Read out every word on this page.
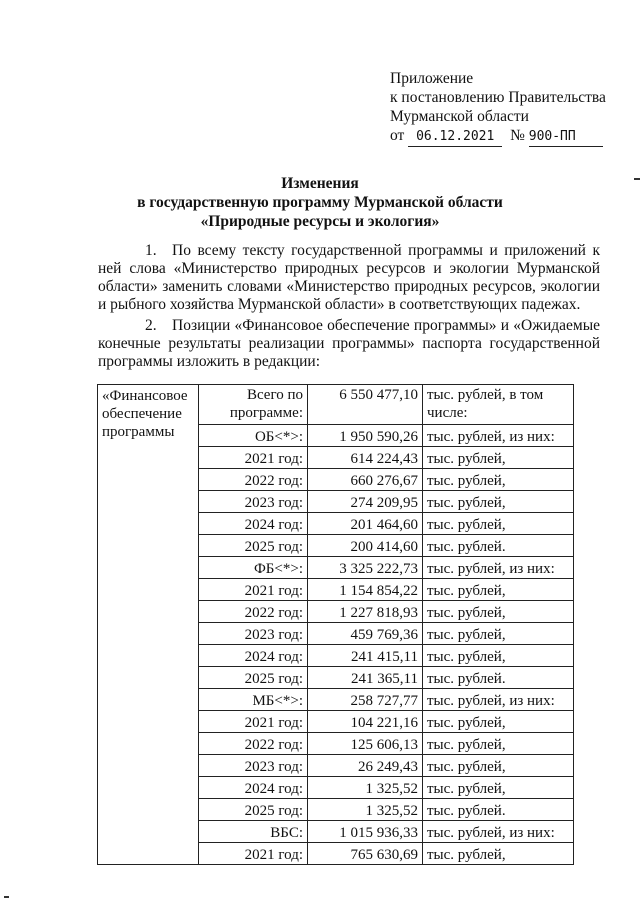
Приложение
к постановлению Правительства
Мурманской области
от 06.12.2021 № 900-ПП
Изменения
в государственную программу Мурманской области
«Природные ресурсы и экология»

1. По всему тексту государственной программы и приложений к ней слова «Министерство природных ресурсов и экологии Мурманской области» заменить словами «Министерство природных ресурсов, экологии и рыбного хозяйства Мурманской области» в соответствующих падежах.

2. Позиции «Финансовое обеспечение программы» и «Ожидаемые конечные результаты реализации программы» паспорта государственной программы изложить в редакции:

«Финансовое обеспечение программы	Всего по программе:	6 550 477,10	тыс. рублей, в том числе:
	ОБ<*>:	1 950 590,26	тыс. рублей, из них:
	2021 год:	614 224,43	тыс. рублей,
	2022 год:	660 276,67	тыс. рублей,
	2023 год:	274 209,95	тыс. рублей,
	2024 год:	201 464,60	тыс. рублей,
	2025 год:	200 414,60	тыс. рублей.
	ФБ<*>:	3 325 222,73	тыс. рублей, из них:
	2021 год:	1 154 854,22	тыс. рублей,
	2022 год:	1 227 818,93	тыс. рублей,
	2023 год:	459 769,36	тыс. рублей,
	2024 год:	241 415,11	тыс. рублей,
	2025 год:	241 365,11	тыс. рублей.
	МБ<*>:	258 727,77	тыс. рублей, из них:
	2021 год:	104 221,16	тыс. рублей,
	2022 год:	125 606,13	тыс. рублей,
	2023 год:	26 249,43	тыс. рублей,
	2024 год:	1 325,52	тыс. рублей,
	2025 год:	1 325,52	тыс. рублей.
	ВБС:	1 015 936,33	тыс. рублей, из них:
	2021 год:	765 630,69	тыс. рублей,
